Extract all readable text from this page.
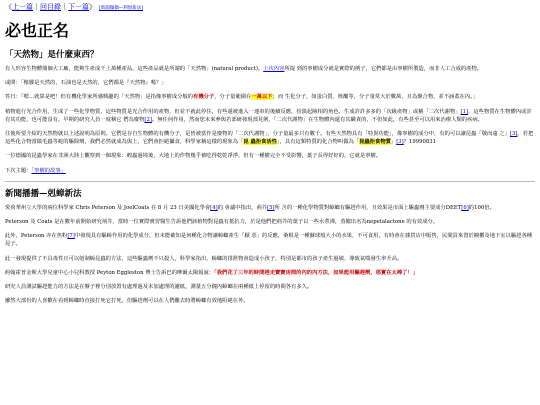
《上一篇｜回目錄｜下一篇》 [新聞擷擷—利無新法]
必也正名
「天然物」是什麼東西？

有人形容生物體簡個大工廠，能夠生產成千上萬種產品，這些產品就是所謂的「天然物」(natural product)。上次內容所提 到的寧樹成分就是實際的例子，它們都是由寧樹所製造，而非人工合成的產物。

或問：「橡膠是天然的，石油也是天然的，它們都是『天然物』嗎？」

答曰：「嗯…就算是吧！但有機化學家所感興趣的「天然物」是指像寧樹成分般的有機分子，分子量範圍在一萬以下；而 生化分子，如蛋白質、核醣等，分子量常大於數萬，且為聚合物，並不涵蓋在內。」

植物進行光合作用，生成了一些化學物質，這些物質是光合作用的產物，但並不就此停住，有些還被進入一連串的後續反應，扮演起險相的角色，生成許許多多的「次級產物」或稱「二次代謝物」[1]，這些物質在生物體內或許有其功能，也可能沒有，早期的研究人員一度稱它 們為廢物[2]。無任何作用，然而您未來參與若部研發現部見例，「二次代謝物」在生物體內還有其職責的，不但如此，有些甚至可以用來治療人類的疾病。

往後所要介紹的天然物就以上述說明為原則。它們是存自生物體的有機分子，是皆被當作是廢物的「二次代謝物」，分子量最多只有數千。有些天然物具有「特異功能」，像寧樹的成分中，有的可以讓昆蟲「敬而遠 之」[3]。若把這些化合物當做毛蟲等蛇的驅除劑，我們必然就成為與上，它們會拒絕攝食，科學家稱這樣的現象為「昆 蟲拒食活性」，具有這類特質的化合物叫做為「昆蟲拒食物質」[3]？19990831

一位德國的昆蟲學家在非洲大陸上觀察到一個現象：蝗蟲過境後，大地上的作物幾乎被吃得乾乾淨淨，但有一種樹完全不受影響，葉子長得好好的，它就是寧樹。

下次主題：「寧樹的故事」

新聞播播—剋蟑新法

愛荷華州立大學的兩位科學家 Chris Peterson 及 JoelCoats 在 8 月 23 日美國化學會[4]的 會議中指出，荊芥[5]所 含的一種化學物質對蟑螂有驅趕作用，且效果是市面上驅蟲劑主要成分DEET[6]的100倍。

Peterson 及 Coats 是在數年前開始研究荊芥，當時一位實際實習醫生告訴他們該植物對昆蟲有抵抗力，於是他們把荊芥的葉子以一些水煮沸，蒸餾出名為nepetalactone 的有效成分。

此外，Peterson 亦在魚粉[7]中發現具有驅蟑作用的化學成分，但未能確知是何種化合物讓蟑螂產生「厭 惡」的反應，桑根是一種蘇球般大小的水果，不可食用，有時會在雜貨店中販售，民間買來置於櫥櫃及地下室以驅趕各種昆子。

此一發現提供了不具毒性且可以剋制蟑昆蟲的方法，這些驅蟲劑不只殺人，科學家指出，蟑螂的排泄物會造成小孩子，特別是都市的孩子產生過敏、導致氣喘發生率升高。

約翰霍普金斯大學兒童中心小兒科教授 Peyton Eggleston 博士告訴巴的摩爾太陽報說：「我們花了三年的時間趕走寶寶房間的內的內方法，如果能用驅趕劑，那實在太棒了！」

研究人員測試驅趕能力的方法是在盤子裡分別放置有處理過及未加處理的濾紙，測量五分鐘內蟑螂在兩種紙上停留的時間各有多久。

雖然大部份的人喜歡在看到蟑螂時直接打死它打死，但驅趕劑可以在人們離去時將蟑螂有效地阻絕在外。
